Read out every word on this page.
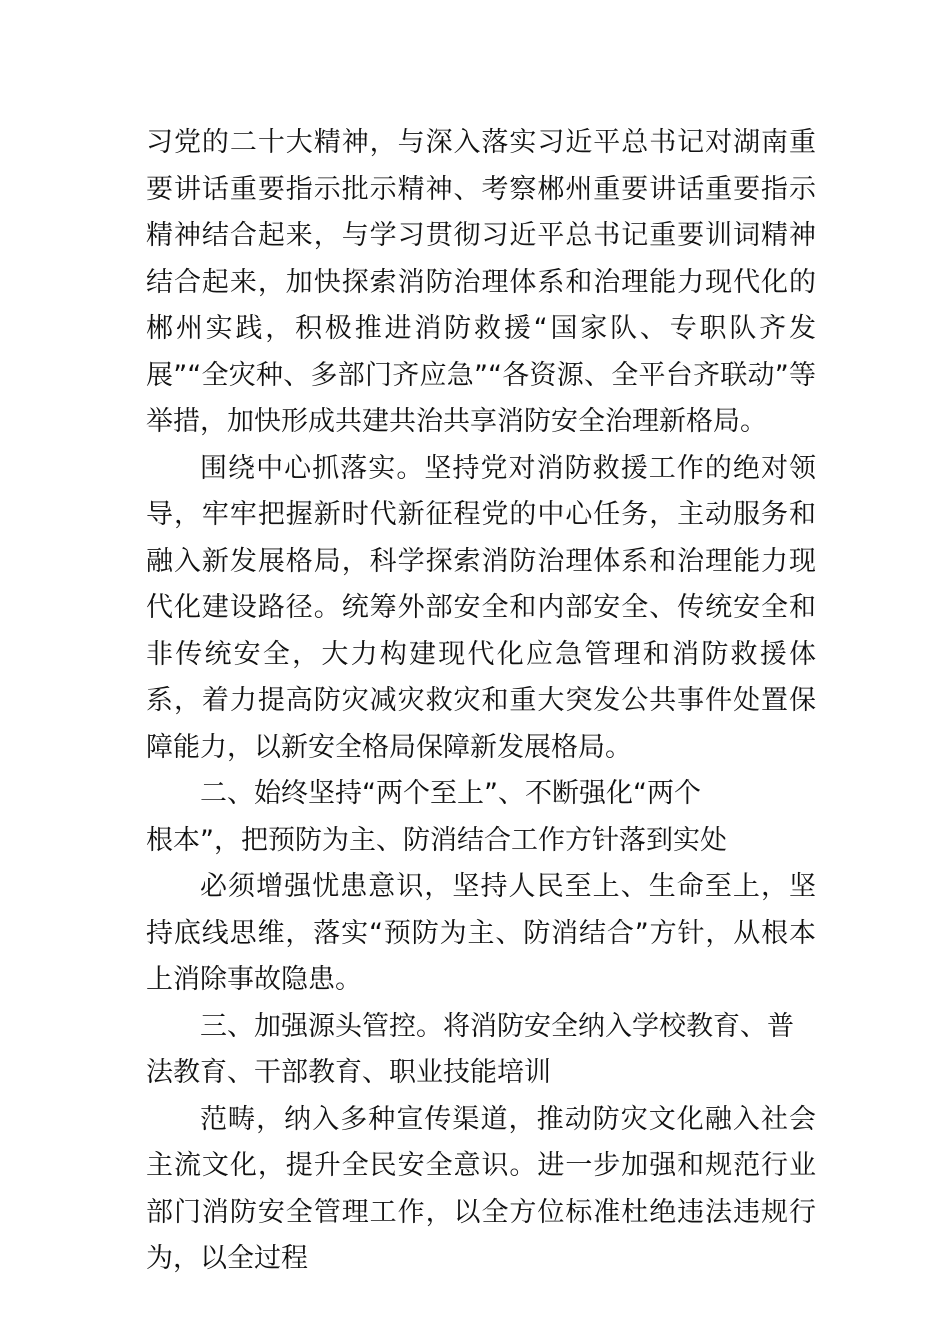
习党的二十大精神，与深入落实习近平总书记对湖南重要讲话重要指示批示精神、考察郴州重要讲话重要指示精神结合起来，与学习贯彻习近平总书记重要训词精神结合起来，加快探索消防治理体系和治理能力现代化的郴州实践，积极推进消防救援“国家队、专职队齐发展”“全灾种、多部门齐应急”“各资源、全平台齐联动”等举措，加快形成共建共治共享消防安全治理新格局。

围绕中心抓落实。坚持党对消防救援工作的绝对领导，牢牢把握新时代新征程党的中心任务，主动服务和融入新发展格局，科学探索消防治理体系和治理能力现代化建设路径。统筹外部安全和内部安全、传统安全和非传统安全，大力构建现代化应急管理和消防救援体系，着力提高防灾减灾救灾和重大突发公共事件处置保障能力，以新安全格局保障新发展格局。

二、始终坚持“两个至上”、不断强化“两个
根本”，把预防为主、防消结合工作方针落到实处

必须增强忧患意识，坚持人民至上、生命至上，坚持底线思维，落实“预防为主、防消结合”方针，从根本上消除事故隐患。

三、加强源头管控。将消防安全纳入学校教育、普
法教育、干部教育、职业技能培训

范畴，纳入多种宣传渠道，推动防灾文化融入社会主流文化，提升全民安全意识。进一步加强和规范行业部门消防安全管理工作，以全方位标准杜绝违法违规行为，以全过程
